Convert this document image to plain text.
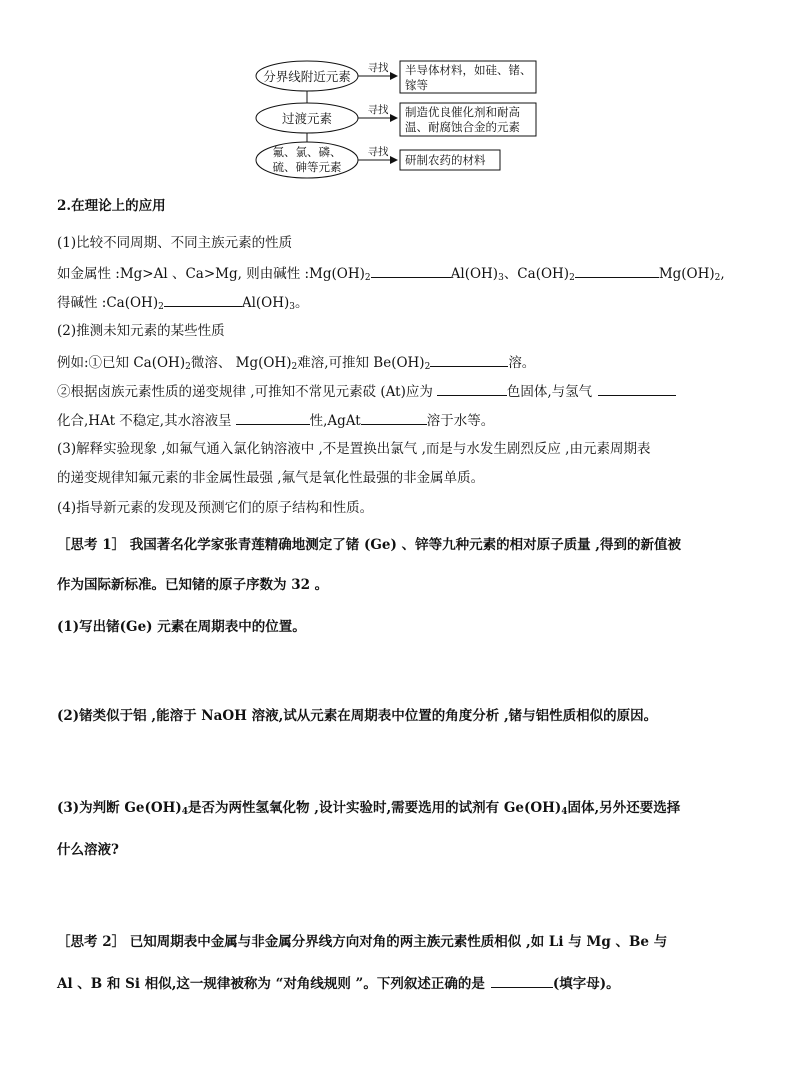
分界线附近元素
过渡元素
氟、氯、磷、
硫、砷等元素
寻找
寻找
寻找
半导体材料，如硅、锗、
镓等
制造优良催化剂和耐高
温、耐腐蚀合金的元素
研制农药的材料
2.在理论上的应用
(1)比较不同周期、不同主族元素的性质
如金属性 :Mg>Al 、Ca>Mg, 则由碱性 $:Mg(OH)_2$	$Al(OH)_3$、$Ca(OH)_2$	$Mg(OH)_2$,
得碱性 $:Ca(OH)_2$	$Al(OH)_3$。
(2)推测未知元素的某些性质
例如:①已知 $Ca(OH)_2$微溶、 $Mg(OH)_2$难溶,可推知 $Be(OH)_2$	溶。
②根据卤族元素性质的递变规律 ,可推知不常见元素砹 (At)应为	色固体,与氢气
化合,HAt 不稳定,其水溶液呈	性,AgAt	溶于水等。
(3)解释实验现象 ,如氟气通入氯化钠溶液中 ,不是置换出氯气 ,而是与水发生剧烈反应 ,由元素周期表
的递变规律知氟元素的非金属性最强 ,氟气是氧化性最强的非金属单质。
(4)指导新元素的发现及预测它们的原子结构和性质。
［思考 1］ 我国著名化学家张青莲精确地测定了锗 (Ge) 、锌等九种元素的相对原子质量 ,得到的新值被
作为国际新标准。已知锗的原子序数为 32 。
(1)写出锗(Ge) 元素在周期表中的位置。
(2)锗类似于铝 ,能溶于 NaOH 溶液,试从元素在周期表中位置的角度分析 ,锗与铝性质相似的原因。
(3)为判断 $Ge(OH)_4$是否为两性氢氧化物 ,设计实验时,需要选用的试剂有 $Ge(OH)_4$固体,另外还要选择
什么溶液?
［思考 2］ 已知周期表中金属与非金属分界线方向对角的两主族元素性质相似 ,如 Li 与 Mg 、Be 与
Al 、B 和 Si 相似,这一规律被称为 “对角线规则 ”。下列叙述正确的是	(填字母)。
